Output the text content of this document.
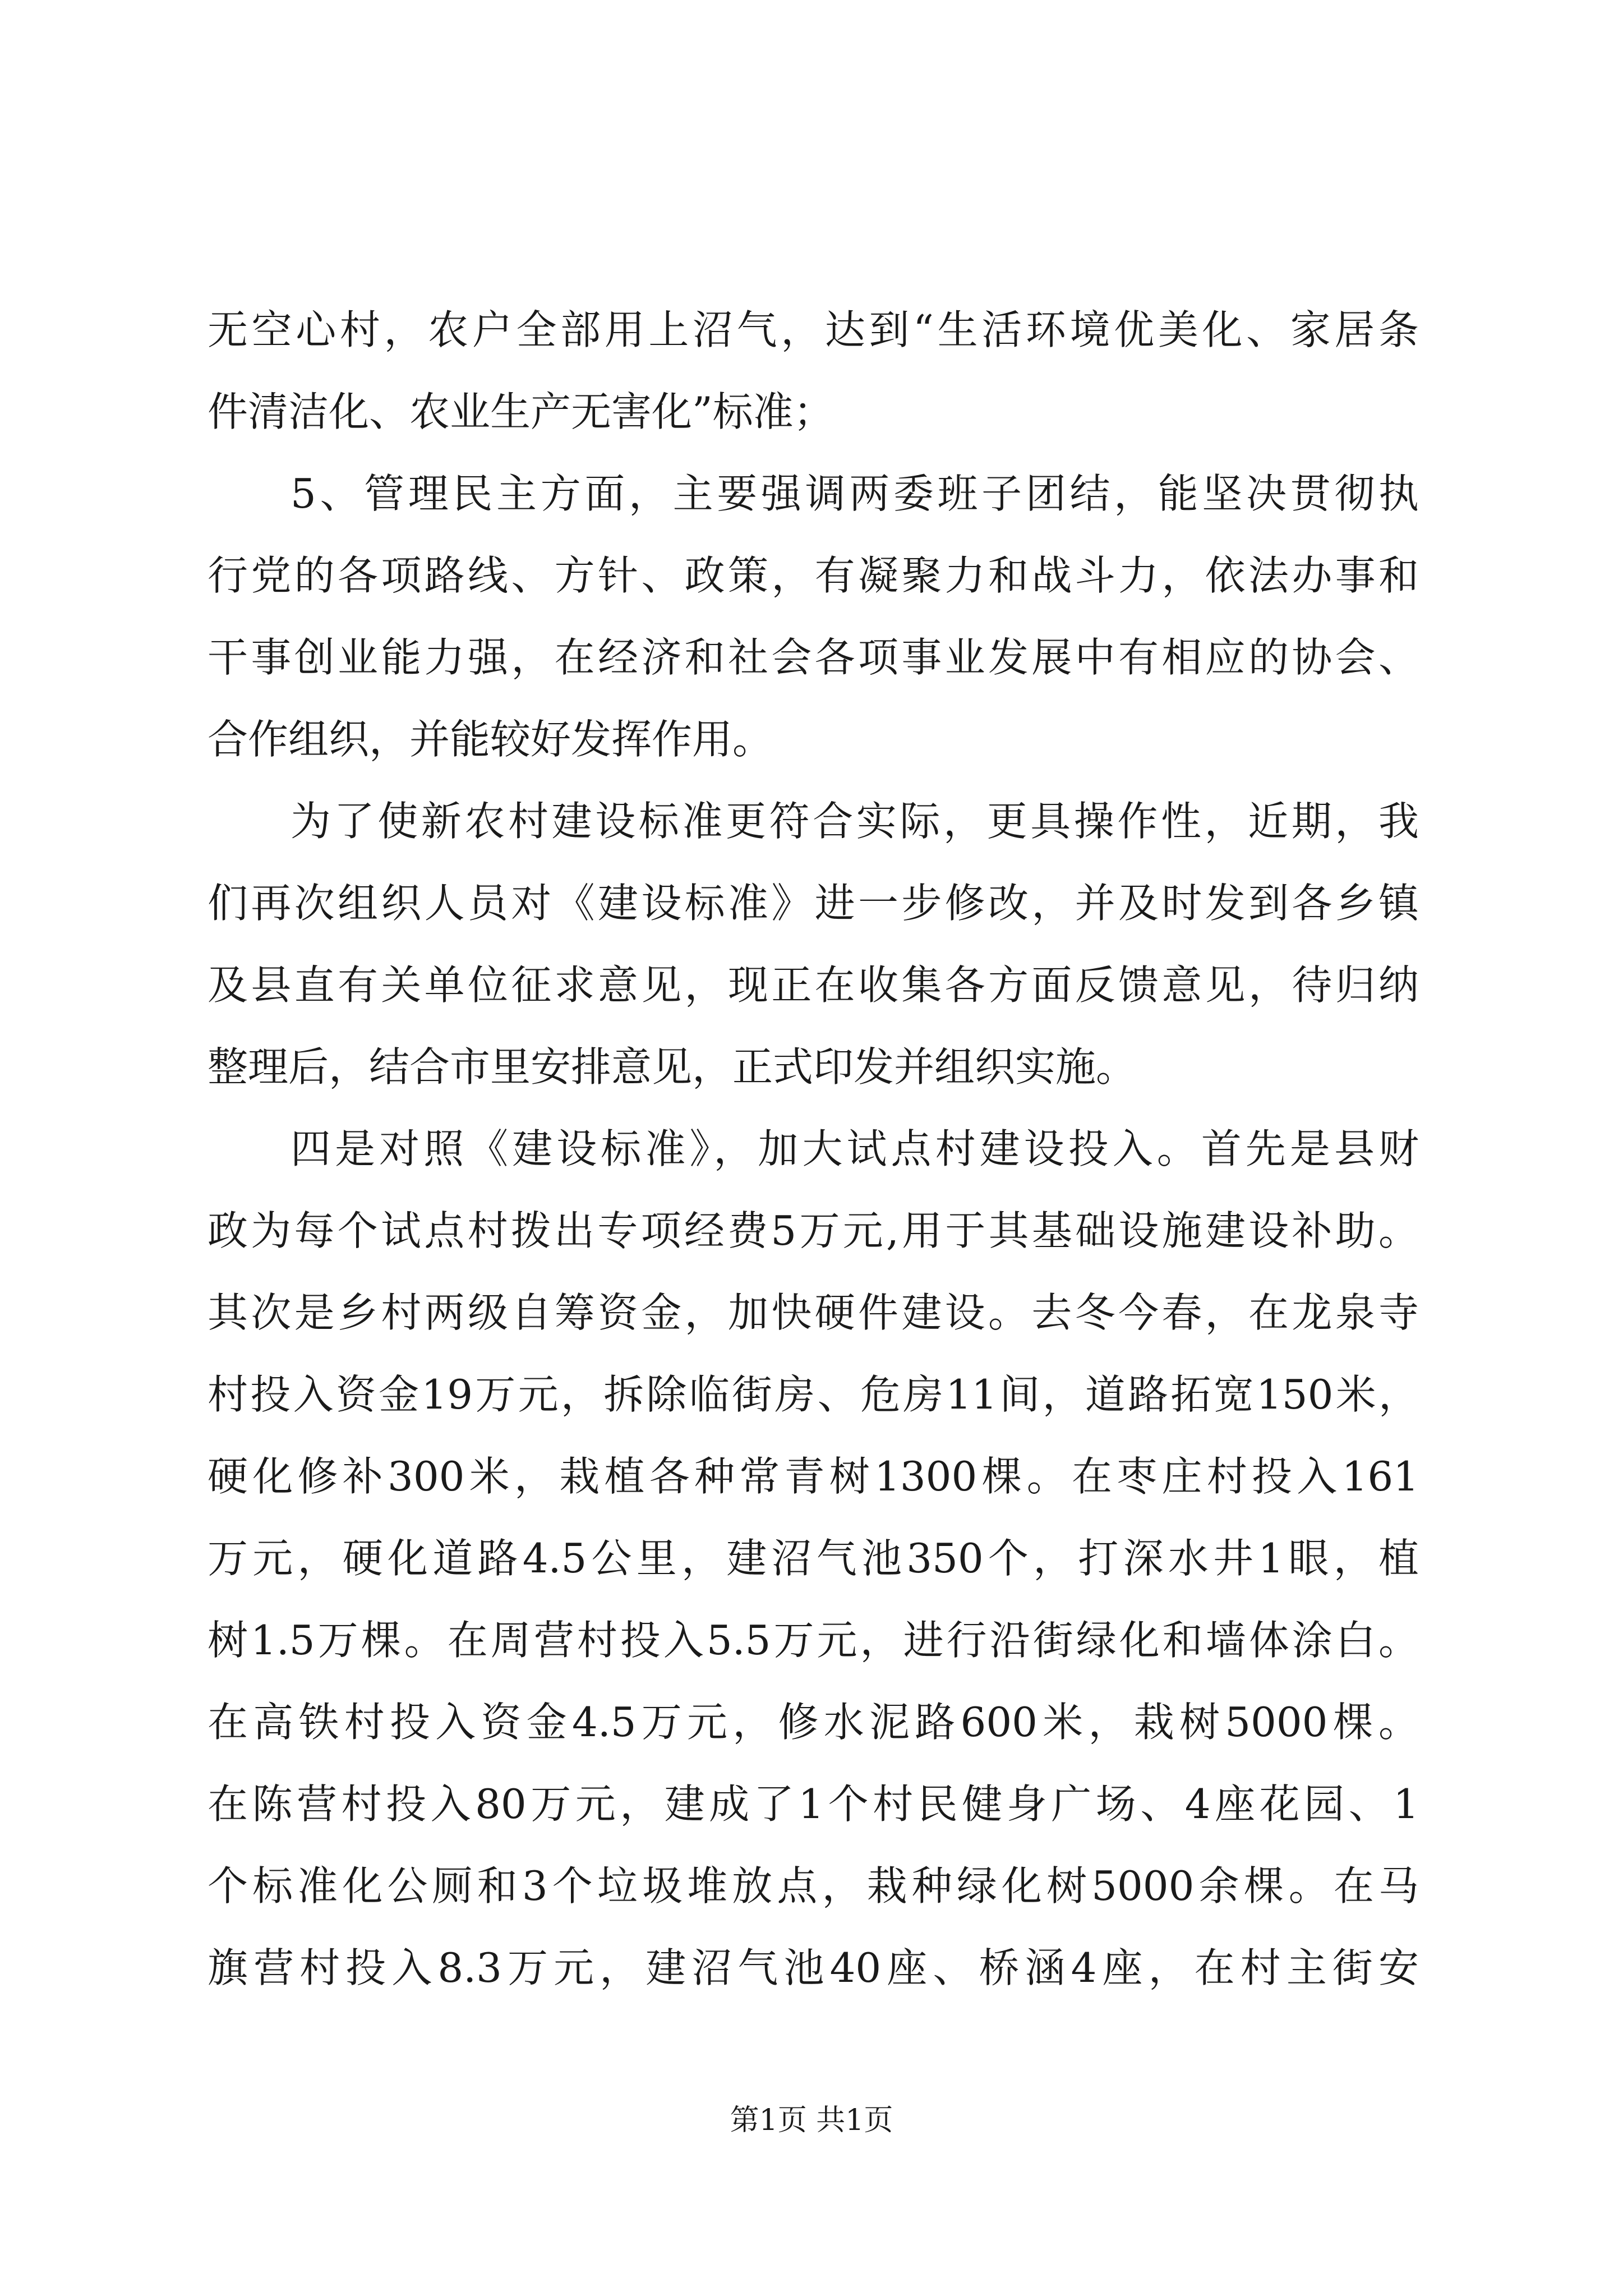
无空心村，农户全部用上沼气，达到“生活环境优美化、家居条
件清洁化、农业生产无害化”标准；
5、管理民主方面，主要强调两委班子团结，能坚决贯彻执
行党的各项路线、方针、政策，有凝聚力和战斗力，依法办事和
干事创业能力强，在经济和社会各项事业发展中有相应的协会、
合作组织，并能较好发挥作用。
为了使新农村建设标准更符合实际，更具操作性，近期，我
们再次组织人员对《建设标准》进一步修改，并及时发到各乡镇
及县直有关单位征求意见，现正在收集各方面反馈意见，待归纳
整理后，结合市里安排意见，正式印发并组织实施。
四是对照《建设标准》，加大试点村建设投入。首先是县财
政为每个试点村拨出专项经费5万元,用于其基础设施建设补助。
其次是乡村两级自筹资金，加快硬件建设。去冬今春，在龙泉寺
村投入资金19万元，拆除临街房、危房11间，道路拓宽150米，
硬化修补300米，栽植各种常青树1300棵。在枣庄村投入161
万元，硬化道路4.5公里，建沼气池350个，打深水井1眼，植
树1.5万棵。在周营村投入5.5万元，进行沿街绿化和墙体涂白。
在高铁村投入资金4.5万元，修水泥路600米，栽树5000棵。
在陈营村投入80万元，建成了1个村民健身广场、4座花园、1
个标准化公厕和3个垃圾堆放点，栽种绿化树5000余棵。在马
旗营村投入8.3万元，建沼气池40座、桥涵4座，在村主街安
第1页 共1页
